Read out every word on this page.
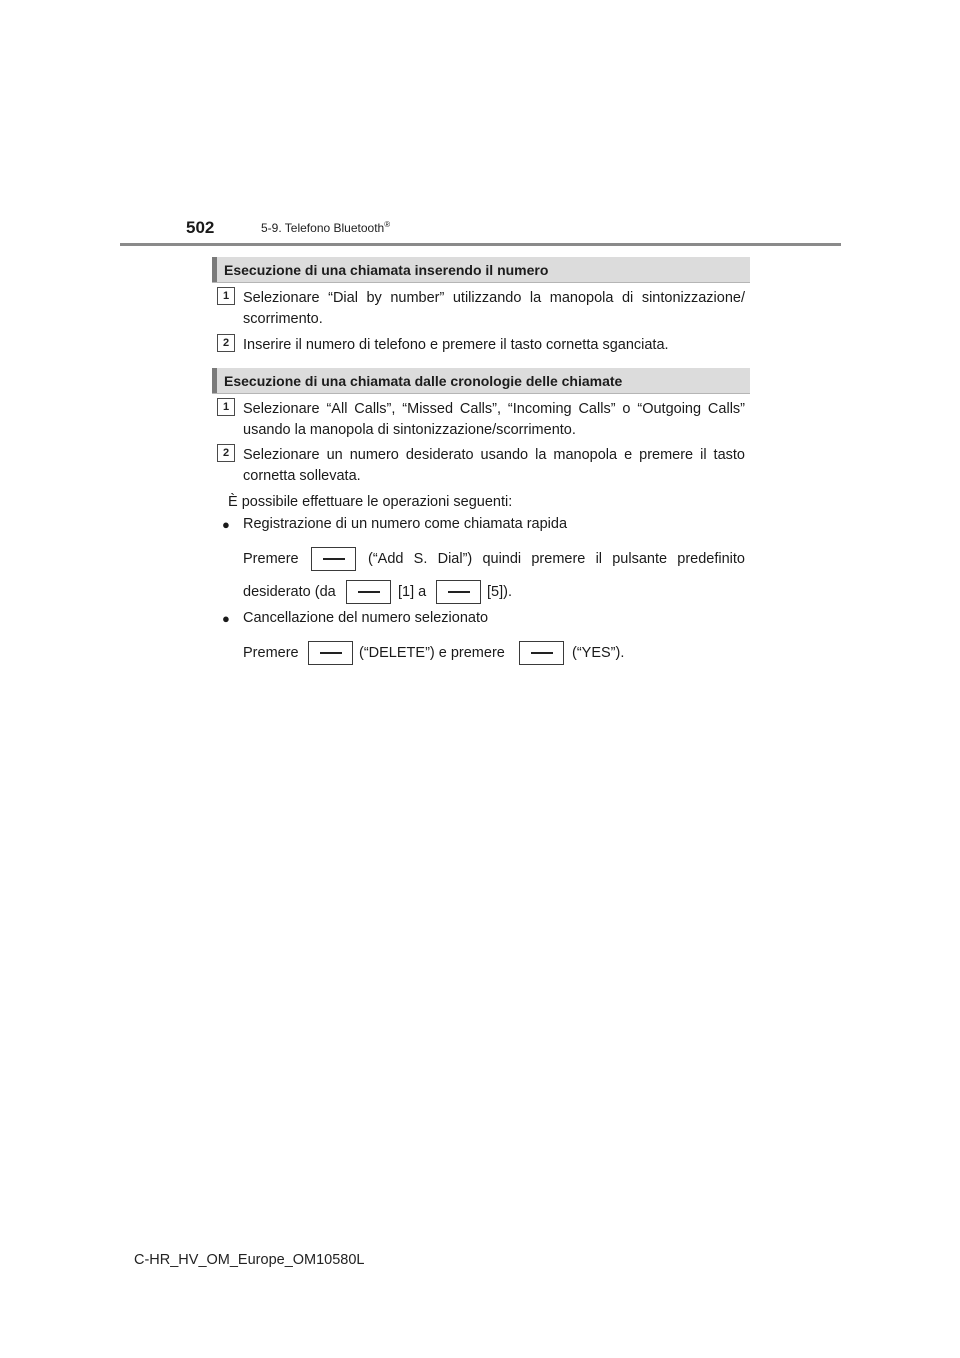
502	5-9. Telefono Bluetooth®
Esecuzione di una chiamata inserendo il numero
1 Selezionare “Dial by number” utilizzando la manopola di sintonizzazione/ scorrimento.
2 Inserire il numero di telefono e premere il tasto cornetta sganciata.
Esecuzione di una chiamata dalle cronologie delle chiamate
1 Selezionare “All Calls”, “Missed Calls”, “Incoming Calls” o “Outgoing Calls” usando la manopola di sintonizzazione/scorrimento.
2 Selezionare un numero desiderato usando la manopola e premere il tasto cornetta sollevata.
È possibile effettuare le operazioni seguenti:
● Registrazione di un numero come chiamata rapida
Premere	(“Add S. Dial”) quindi premere il pulsante predefinito
desiderato (da	[1] a	[5]).
● Cancellazione del numero selezionato
Premere	(“DELETE”) e premere	(“YES”).
C-HR_HV_OM_Europe_OM10580L
